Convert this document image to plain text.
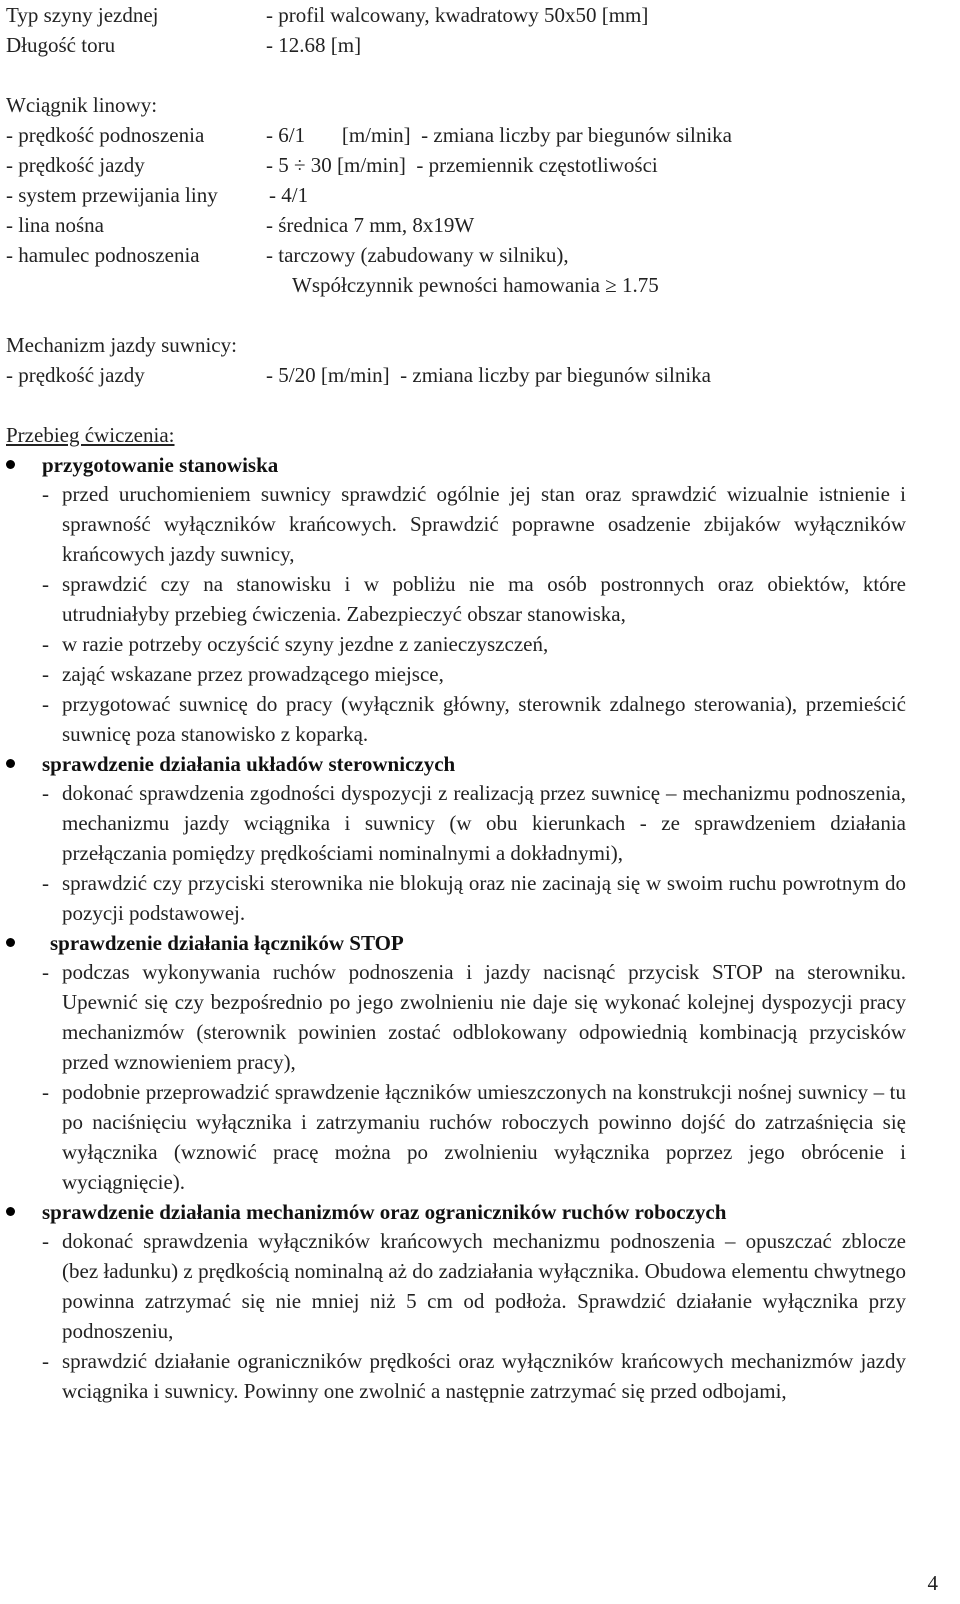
Typ szyny jezdnej	- profil walcowany, kwadratowy 50x50 [mm]
Długość toru	- 12.68 [m]
Wciągnik linowy:
- prędkość podnoszenia	- 6/1       [m/min]  - zmiana liczby par biegunów silnika
- prędkość jazdy	- 5 ÷ 30 [m/min]  - przemiennik częstotliwości
- system przewijania liny	- 4/1
- lina nośna	- średnica 7 mm, 8x19W
- hamulec podnoszenia	- tarczowy (zabudowany w silniku),
Współczynnik pewności hamowania ≥ 1.75
Mechanizm jazdy suwnicy:
- prędkość jazdy	- 5/20 [m/min]  - zmiana liczby par biegunów silnika
Przebieg ćwiczenia:
przygotowanie stanowiska
- przed uruchomieniem suwnicy sprawdzić ogólnie jej stan oraz sprawdzić wizualnie istnienie i sprawność wyłączników krańcowych. Sprawdzić poprawne osadzenie zbijaków wyłączników krańcowych jazdy suwnicy,

- sprawdzić czy na stanowisku i w pobliżu nie ma osób postronnych oraz obiektów, które utrudniałyby przebieg ćwiczenia. Zabezpieczyć obszar stanowiska,

- w razie potrzeby oczyścić szyny jezdne z zanieczyszczeń,

- zająć wskazane przez prowadzącego miejsce,

- przygotować suwnicę do pracy (wyłącznik główny, sterownik zdalnego sterowania), przemieścić suwnicę poza stanowisko z koparką.

sprawdzenie działania układów sterowniczych
- dokonać sprawdzenia zgodności dyspozycji z realizacją przez suwnicę – mechanizmu podnoszenia, mechanizmu jazdy wciągnika i suwnicy (w obu kierunkach - ze sprawdzeniem działania przełączania pomiędzy prędkościami nominalnymi a dokładnymi),

- sprawdzić czy przyciski sterownika nie blokują oraz nie zacinają się w swoim ruchu powrotnym do pozycji podstawowej.

sprawdzenie działania łączników STOP
- podczas wykonywania ruchów podnoszenia i jazdy nacisnąć przycisk STOP na sterowniku. Upewnić się czy bezpośrednio po jego zwolnieniu nie daje się wykonać kolejnej dyspozycji pracy mechanizmów (sterownik powinien zostać odblokowany odpowiednią kombinacją przycisków przed wznowieniem pracy),

- podobnie przeprowadzić sprawdzenie łączników umieszczonych na konstrukcji nośnej suwnicy – tu po naciśnięciu wyłącznika i zatrzymaniu ruchów roboczych powinno dojść do zatrzaśnięcia się wyłącznika (wznowić pracę można po zwolnieniu wyłącznika poprzez jego obrócenie i wyciągnięcie).

sprawdzenie działania mechanizmów oraz ograniczników ruchów roboczych
- dokonać sprawdzenia wyłączników krańcowych mechanizmu podnoszenia – opuszczać zblocze (bez ładunku) z prędkością nominalną aż do zadziałania wyłącznika. Obudowa elementu chwytnego powinna zatrzymać się nie mniej niż 5 cm od podłoża. Sprawdzić działanie wyłącznika przy podnoszeniu,

- sprawdzić działanie ograniczników prędkości oraz wyłączników krańcowych mechanizmów jazdy wciągnika i suwnicy. Powinny one zwolnić a następnie zatrzymać się przed odbojami,

4
